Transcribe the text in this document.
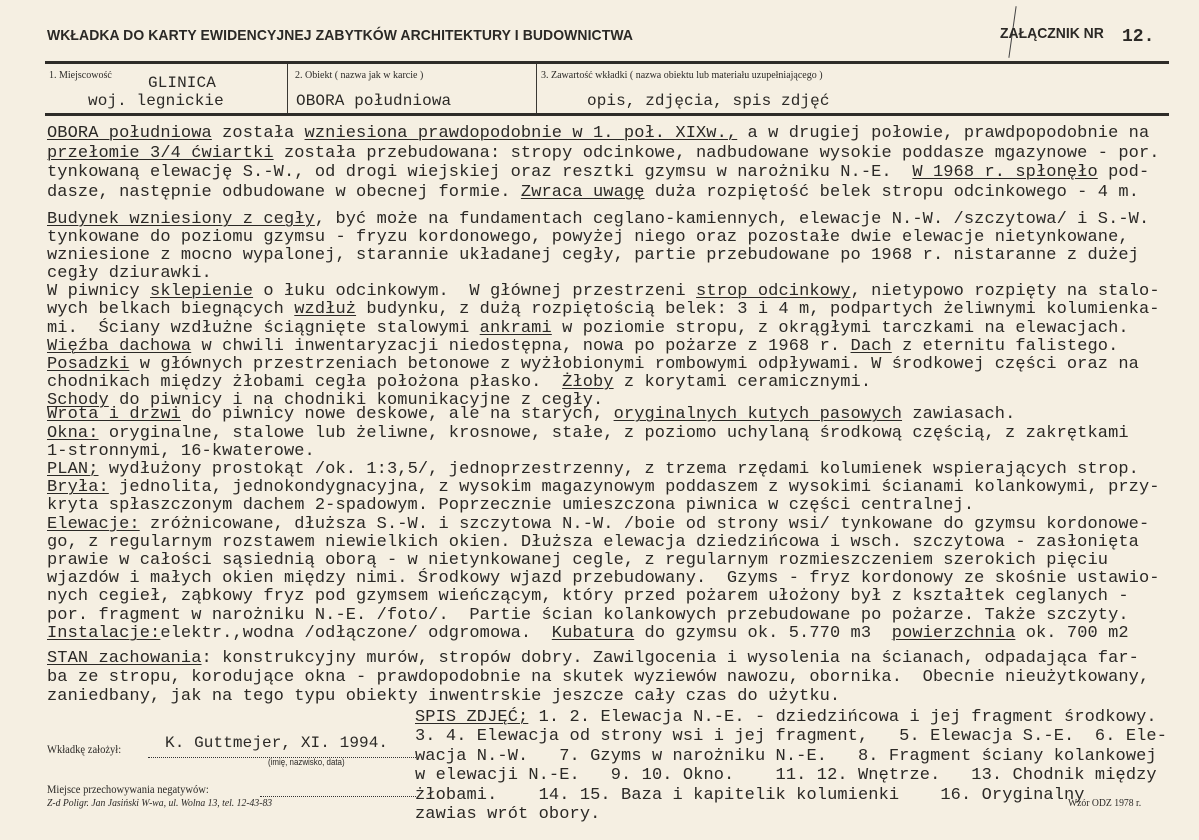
WKŁADKA DO KARTY EWIDENCYJNEJ ZABYTKÓW ARCHITEKTURY I BUDOWNICTWA	ZAŁĄCZNIK NR 12.
1. Miejscowość GLINICA
woj. legnickie
2. Obiekt ( nazwa jak w karcie )
OBORA południowa
3. Zawartość wkładki ( nazwa obiektu lub materiału uzupełniającego )
opis, zdjęcia, spis zdjęć
OBORA południowa została wzniesiona prawdopodobnie w 1. poł. XIXw., a w drugiej połowie, prawdpopodobnie na
przełomie 3/4 ćwiartki została przebudowana: stropy odcinkowe, nadbudowane wysokie poddasze mgazynowe - por.
tynkowaną elewację S.-W., od drogi wiejskiej oraz resztki gzymsu w narożniku N.-E.  W 1968 r. spłonęło pod-
dasze, następnie odbudowane w obecnej formie. Zwraca uwagę duża rozpiętość belek stropu odcinkowego - 4 m.
Budynek wzniesiony z cegły, być może na fundamentach ceglano-kamiennych, elewacje N.-W. /szczytowa/ i S.-W.
tynkowane do poziomu gzymsu - fryzu kordonowego, powyżej niego oraz pozostałe dwie elewacje nietynkowane,
wzniesione z mocno wypalonej, starannie układanej cegły, partie przebudowane po 1968 r. nistaranne z dużej
cegły dziurawki.
W piwnicy sklepienie o łuku odcinkowym.  W głównej przestrzeni strop odcinkowy, nietypowo rozpięty na stalo-
wych belkach biegnących wzdłuż budynku, z dużą rozpiętością belek: 3 i 4 m, podpartych żeliwnymi kolumienka-
mi.  Ściany wzdłużne ściągnięte stalowymi ankrami w poziomie stropu, z okrągłymi tarczkami na elewacjach.
Więźba dachowa w chwili inwentaryzacji niedostępna, nowa po pożarze z 1968 r. Dach z eternitu falistego.
Posadzki w głównych przestrzeniach betonowe z wyżłobionymi rombowymi odpływami. W środkowej części oraz na
chodnikach między żłobami cegła położona płasko.  Żłoby z korytami ceramicznymi.
Schody do piwnicy i na chodniki komunikacyjne z cegły.
Wrota i drzwi do piwnicy nowe deskowe, ale na starych, oryginalnych kutych pasowych zawiasach.
Okna: oryginalne, stalowe lub żeliwne, krosnowe, stałe, z poziomo uchylaną środkową częścią, z zakrętkami
1-stronnymi, 16-kwaterowe.
PLAN; wydłużony prostokąt /ok. 1:3,5/, jednoprzestrzenny, z trzema rzędami kolumienek wspierających strop.
Bryła: jednolita, jednokondygnacyjna, z wysokim magazynowym poddaszem z wysokimi ścianami kolankowymi, przy-
kryta spłaszczonym dachem 2-spadowym. Poprzecznie umieszczona piwnica w części centralnej.
Elewacje: zróżnicowane, dłuższa S.-W. i szczytowa N.-W. /boie od strony wsi/ tynkowane do gzymsu kordonowe-
go, z regularnym rozstawem niewielkich okien. Dłuższa elewacja dziedzińcowa i wsch. szczytowa - zasłonięta
prawie w całości sąsiednią oborą - w nietynkowanej cegle, z regularnym rozmieszczeniem szerokich pięciu
wjazdów i małych okien między nimi. Środkowy wjazd przebudowany.  Gzyms - fryz kordonowy ze skośnie ustawio-
nych cegieł, ząbkowy fryz pod gzymsem wieńczącym, który przed pożarem ułożony był z kształtek ceglanych -
por. fragment w narożniku N.-E. /foto/.  Partie ścian kolankowych przebudowane po pożarze. Także szczyty.
Instalacje:elektr.,wodna /odłączone/ odgromowa.  Kubatura do gzymsu ok. 5.770 m3  powierzchnia ok. 700 m2
STAN zachowania: konstrukcyjny murów, stropów dobry. Zawilgocenia i wysolenia na ścianach, odpadająca far-
ba ze stropu, korodujące okna - prawdopodobnie na skutek wyziewów nawozu, obornika.  Obecnie nieużytkowany,
zaniedbany, jak na tego typu obiekty inwentrskie jeszcze cały czas do użytku.
SPIS ZDJĘĆ; 1. 2. Elewacja N.-E. - dziedzińcowa i jej fragment środkowy.
3. 4. Elewacja od strony wsi i jej fragment,   5. Elewacja S.-E.  6. Ele-
wacja N.-W.   7. Gzyms w narożniku N.-E.   8. Fragment ściany kolankowej
w elewacji N.-E.   9. 10. Okno.    11. 12. Wnętrze.   13. Chodnik między
żłobami.    14. 15. Baza i kapitelik kolumienki    16. Oryginalny
zawias wrót obory.
Wkładkę założył:	K. Guttmejer, XI. 1994.
(imię, nazwisko, data)
Miejsce przechowywania negatywów:
Z-d Poligr. Jan Jasiński W-wa, ul. Wolna 13, tel. 12-43-83	Wzór ODZ 1978 r.
